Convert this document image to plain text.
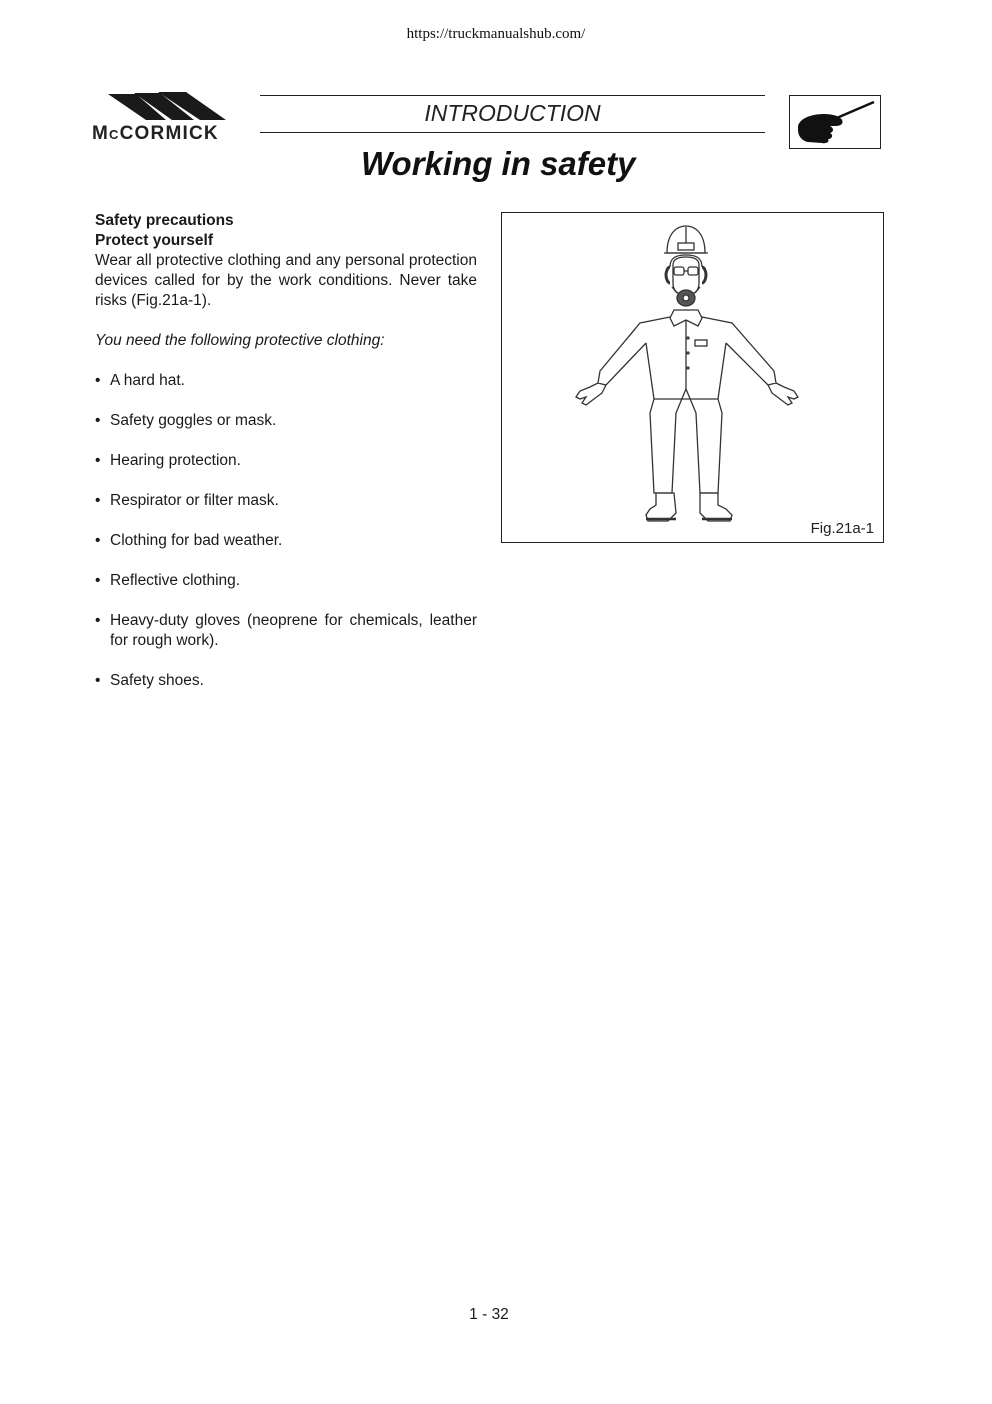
https://truckmanualshub.com/
MCCORMICK
INTRODUCTION
Working in safety
Safety precautions
Protect yourself

Wear all protective clothing and any personal protection devices called for by the work conditions. Never take risks (Fig.21a-1).

You need the following protective clothing:

• A hard hat.
• Safety goggles or mask.
• Hearing protection.
• Respirator or filter mask.
• Clothing for bad weather.
• Reflective clothing.
• Heavy-duty gloves (neoprene for chemicals, leather for rough work).
• Safety shoes.
Fig.21a-1
1 - 32
